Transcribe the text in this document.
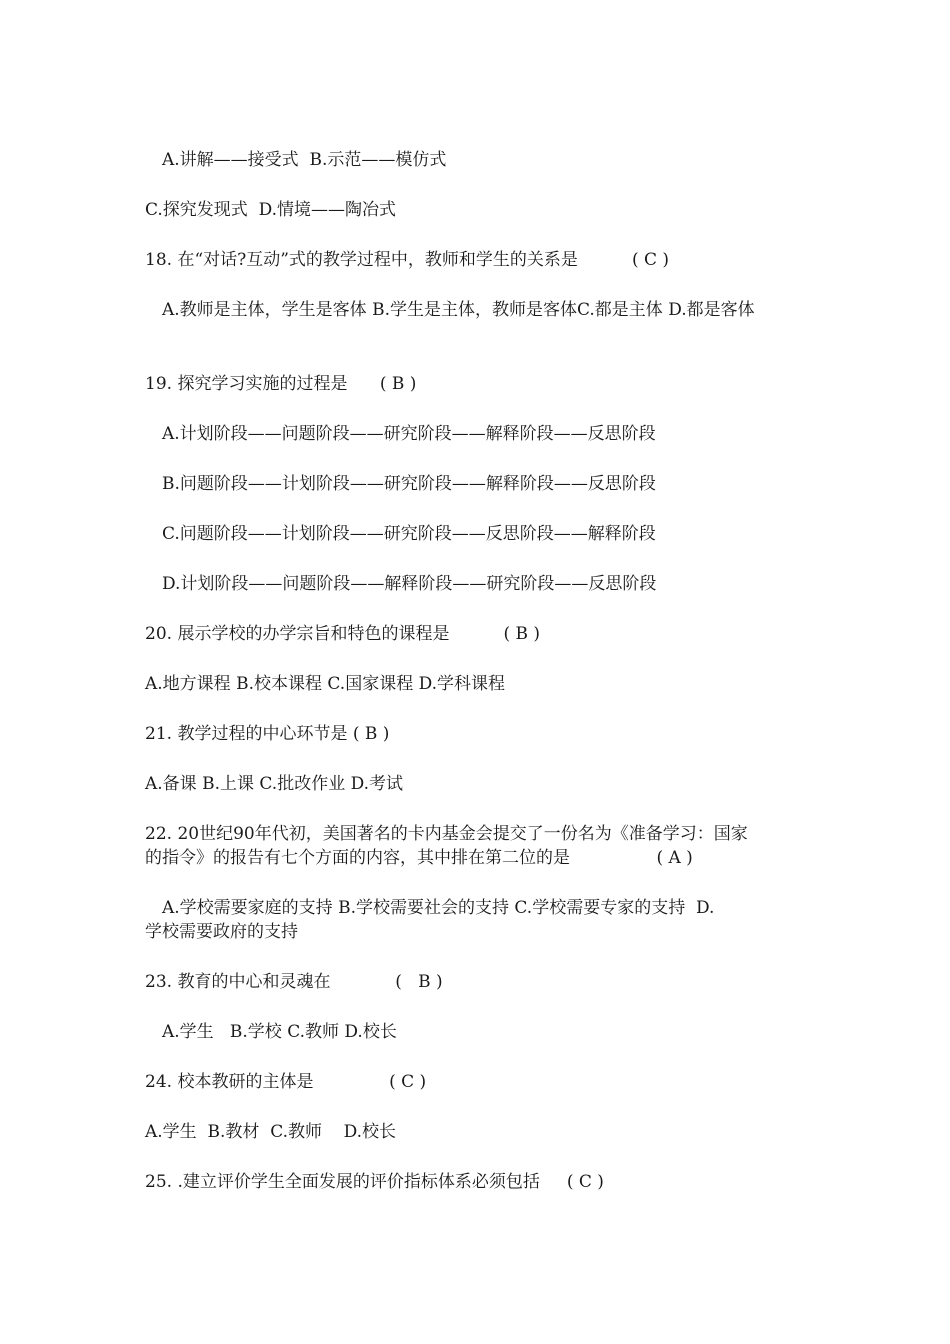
A.讲解——接受式  B.示范——模仿式

C.探究发现式  D.情境——陶冶式

18. 在“对话?互动”式的教学过程中，教师和学生的关系是          ( C )

A.教师是主体，学生是客体 B.学生是主体，教师是客体C.都是主体 D.都是客体

19. 探究学习实施的过程是      ( B )

A.计划阶段——问题阶段——研究阶段——解释阶段——反思阶段

B.问题阶段——计划阶段——研究阶段——解释阶段——反思阶段

C.问题阶段——计划阶段——研究阶段——反思阶段——解释阶段

D.计划阶段——问题阶段——解释阶段——研究阶段——反思阶段

20. 展示学校的办学宗旨和特色的课程是          ( B )

A.地方课程 B.校本课程 C.国家课程 D.学科课程

21. 教学过程的中心环节是 ( B )

A.备课 B.上课 C.批改作业 D.考试

22. 20世纪90年代初，美国著名的卡内基金会提交了一份名为《准备学习：国家

的指令》的报告有七个方面的内容，其中排在第二位的是                ( A )

A.学校需要家庭的支持 B.学校需要社会的支持 C.学校需要专家的支持  D.

学校需要政府的支持

23. 教育的中心和灵魂在            (   B )

A.学生   B.学校 C.教师 D.校长

24. 校本教研的主体是              ( C )

A.学生  B.教材  C.教师    D.校长

25. .建立评价学生全面发展的评价指标体系必须包括     ( C )
